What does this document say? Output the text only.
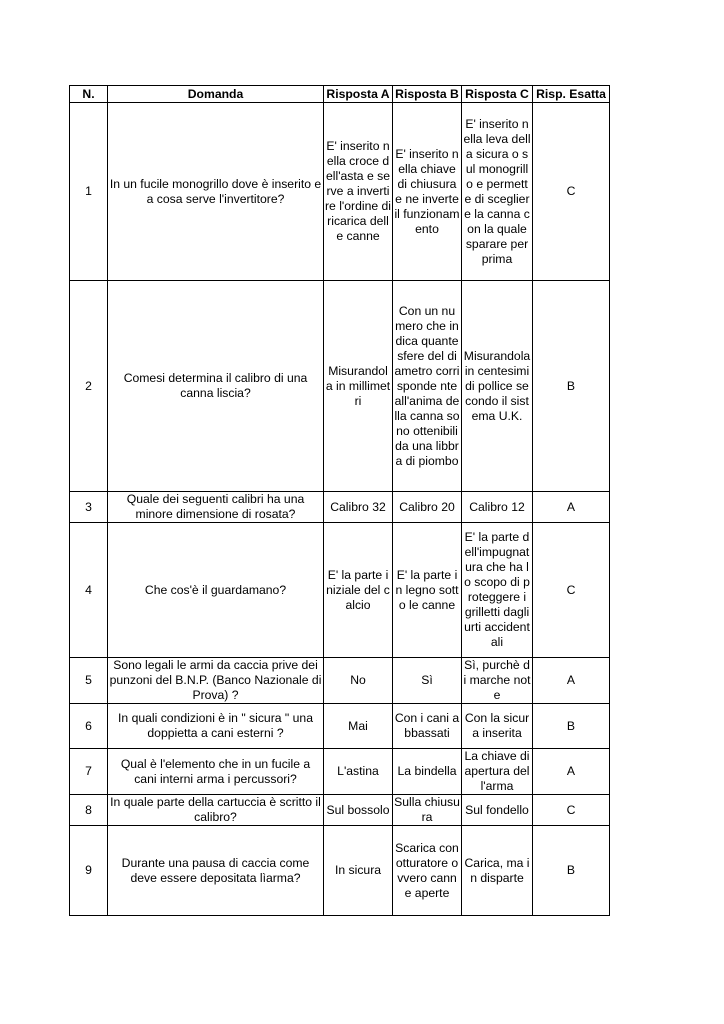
N.	Domanda	Risposta A	Risposta B	Risposta C	Risp. Esatta
1	In un fucile monogrillo dove è inserito e a cosa serve l'invertitore?	E' inserito nella croce dell'asta e serve a invertire l'ordine di ricarica delle canne	E' inserito nella chiave di chiusura e ne inverte il funzionamento	E' inserito nella leva della sicura o sul monogrillo e permette di scegliere la canna con la quale sparare per prima	C
2	Comesi determina il calibro di una canna liscia?	Misurandola in millimetri	Con un numero che indica quante sfere del diametro corrisponde nte all'anima della canna sono ottenibili da una libbra di piombo	Misurandola in centesimi di pollice secondo il sistema U.K.	B
3	Quale dei seguenti calibri ha una minore dimensione di rosata?	Calibro 32	Calibro 20	Calibro 12	A
4	Che cos'è il guardamano?	E' la parte iniziale del calcio	E' la parte in legno sotto le canne	E' la parte dell'impugnatura che ha lo scopo di proteggere i grilletti dagli urti accidentali	C
5	Sono legali le armi da caccia prive dei punzoni del B.N.P. (Banco Nazionale di Prova) ?	No	Sì	Sì, purchè di marche note	A
6	In quali condizioni è in " sicura " una doppietta a cani esterni ?	Mai	Con i cani abbassati	Con la sicura inserita	B
7	Qual è l'elemento che in un fucile a cani interni arma i percussori?	L'astina	La bindella	La chiave di apertura dell'arma	A
8	In quale parte della cartuccia è scritto il calibro?	Sul bossolo	Sulla chiusura	Sul fondello	C
9	Durante una pausa di caccia come deve essere depositata lìarma?	In sicura	Scarica con otturatore ovvero canne aperte	Carica, ma in disparte	B
